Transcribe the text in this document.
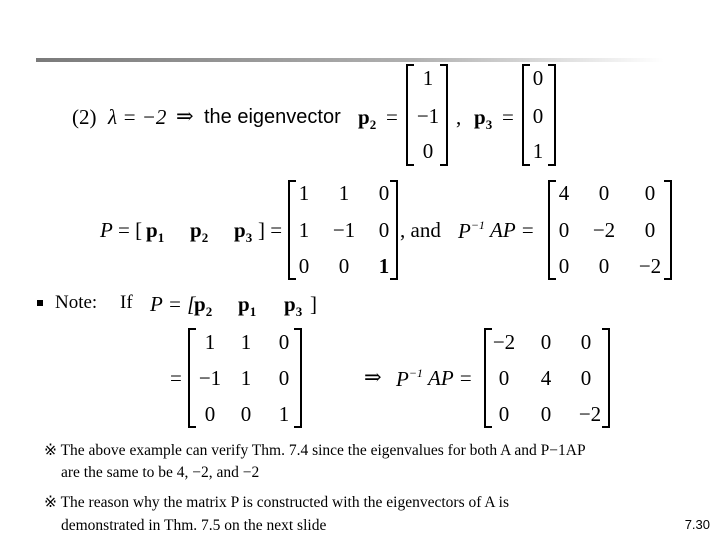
(2) λ = −2 ⇒ the eigenvector $p_2$ =
1
−1
0
, $p_3$ =
0
0
1
P = [ $p_1$ $p_2$ $p_3$ ] =
1	1	0
1	−1	0
0	0	1
, and $P^{-1}$ AP =
4	0	0
0	−2	0
0	0	−2
Note: If P = [
$p_2$ $p_1$ $p_3$ ]
=
1	1	0
−1 1	0
0	0	1
⇒ $P^{-1}$ AP =
−2	0	0
0	4	0
0	0	−2
※ The above example can verify Thm. 7.4 since the eigenvalues for both A and P−1AP
are the same to be 4, −2, and −2
※ The reason why the matrix P is constructed with the eigenvectors of A is
demonstrated in Thm. 7.5 on the next slide	7.30
